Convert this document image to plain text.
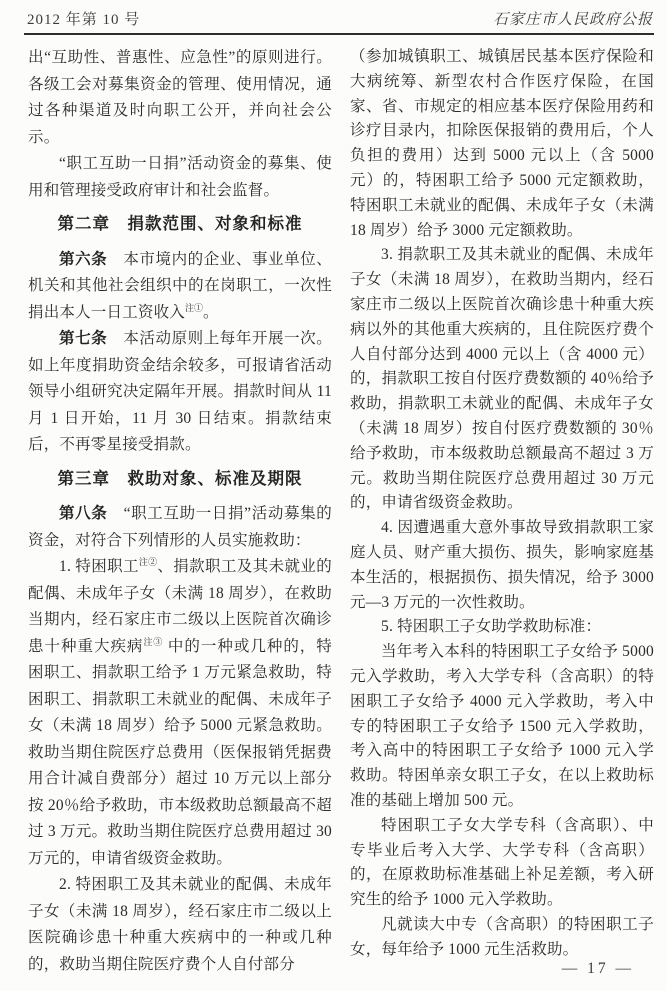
2012 年第 10 号	石家庄市人民政府公报

出“互助性、普惠性、应急性”的原则进行。各级工会对募集资金的管理、使用情况，通过各种渠道及时向职工公开，并向社会公示。

“职工互助一日捐”活动资金的募集、使用和管理接受政府审计和社会监督。

第二章　捐款范围、对象和标准

第六条　本市境内的企业、事业单位、机关和其他社会组织中的在岗职工，一次性捐出本人一日工资收入$^{注①}$。

第七条　本活动原则上每年开展一次。如上年度捐助资金结余较多，可报请省活动领导小组研究决定隔年开展。捐款时间从 11 月 1 日开始，11 月 30 日结束。捐款结束后，不再零星接受捐款。

第三章　救助对象、标准及期限

第八条　“职工互助一日捐”活动募集的资金，对符合下列情形的人员实施救助：

1. 特困职工$^{注②}$、捐款职工及其未就业的配偶、未成年子女（未满 18 周岁），在救助当期内，经石家庄市二级以上医院首次确诊患十种重大疾病$^{注③}$ 中的一种或几种的，特困职工、捐款职工给予 1 万元紧急救助，特困职工、捐款职工未就业的配偶、未成年子女（未满 18 周岁）给予 5000 元紧急救助。救助当期住院医疗总费用（医保报销凭据费用合计减自费部分）超过 10 万元以上部分按 20％给予救助，市本级救助总额最高不超过 3 万元。救助当期住院医疗总费用超过 30 万元的，申请省级资金救助。

2. 特困职工及其未就业的配偶、未成年子女（未满 18 周岁），经石家庄市二级以上医院确诊患十种重大疾病中的一种或几种的，救助当期住院医疗费个人自付部分

（参加城镇职工、城镇居民基本医疗保险和大病统筹、新型农村合作医疗保险，在国家、省、市规定的相应基本医疗保险用药和诊疗目录内，扣除医保报销的费用后，个人负担的费用）达到 5000 元以上（含 5000 元）的，特困职工给予 5000 元定额救助，特困职工未就业的配偶、未成年子女（未满 18 周岁）给予 3000 元定额救助。

3. 捐款职工及其未就业的配偶、未成年子女（未满 18 周岁），在救助当期内，经石家庄市二级以上医院首次确诊患十种重大疾病以外的其他重大疾病的，且住院医疗费个人自付部分达到 4000 元以上（含 4000 元）的，捐款职工按自付医疗费数额的 40％给予救助，捐款职工未就业的配偶、未成年子女（未满 18 周岁）按自付医疗费数额的 30％给予救助，市本级救助总额最高不超过 3 万元。救助当期住院医疗总费用超过 30 万元的，申请省级资金救助。

4. 因遭遇重大意外事故导致捐款职工家庭人员、财产重大损伤、损失，影响家庭基本生活的，根据损伤、损失情况，给予 3000 元—3 万元的一次性救助。

5. 特困职工子女助学救助标准：

当年考入本科的特困职工子女给予 5000 元入学救助，考入大学专科（含高职）的特困职工子女给予 4000 元入学救助，考入中专的特困职工子女给予 1500 元入学救助，考入高中的特困职工子女给予 1000 元入学救助。特困单亲女职工子女，在以上救助标准的基础上增加 500 元。

特困职工子女大学专科（含高职）、中专毕业后考入大学、大学专科（含高职）的，在原救助标准基础上补足差额，考入研究生的给予 1000 元入学救助。

凡就读大中专（含高职）的特困职工子女，每年给予 1000 元生活救助。

— 17 —
